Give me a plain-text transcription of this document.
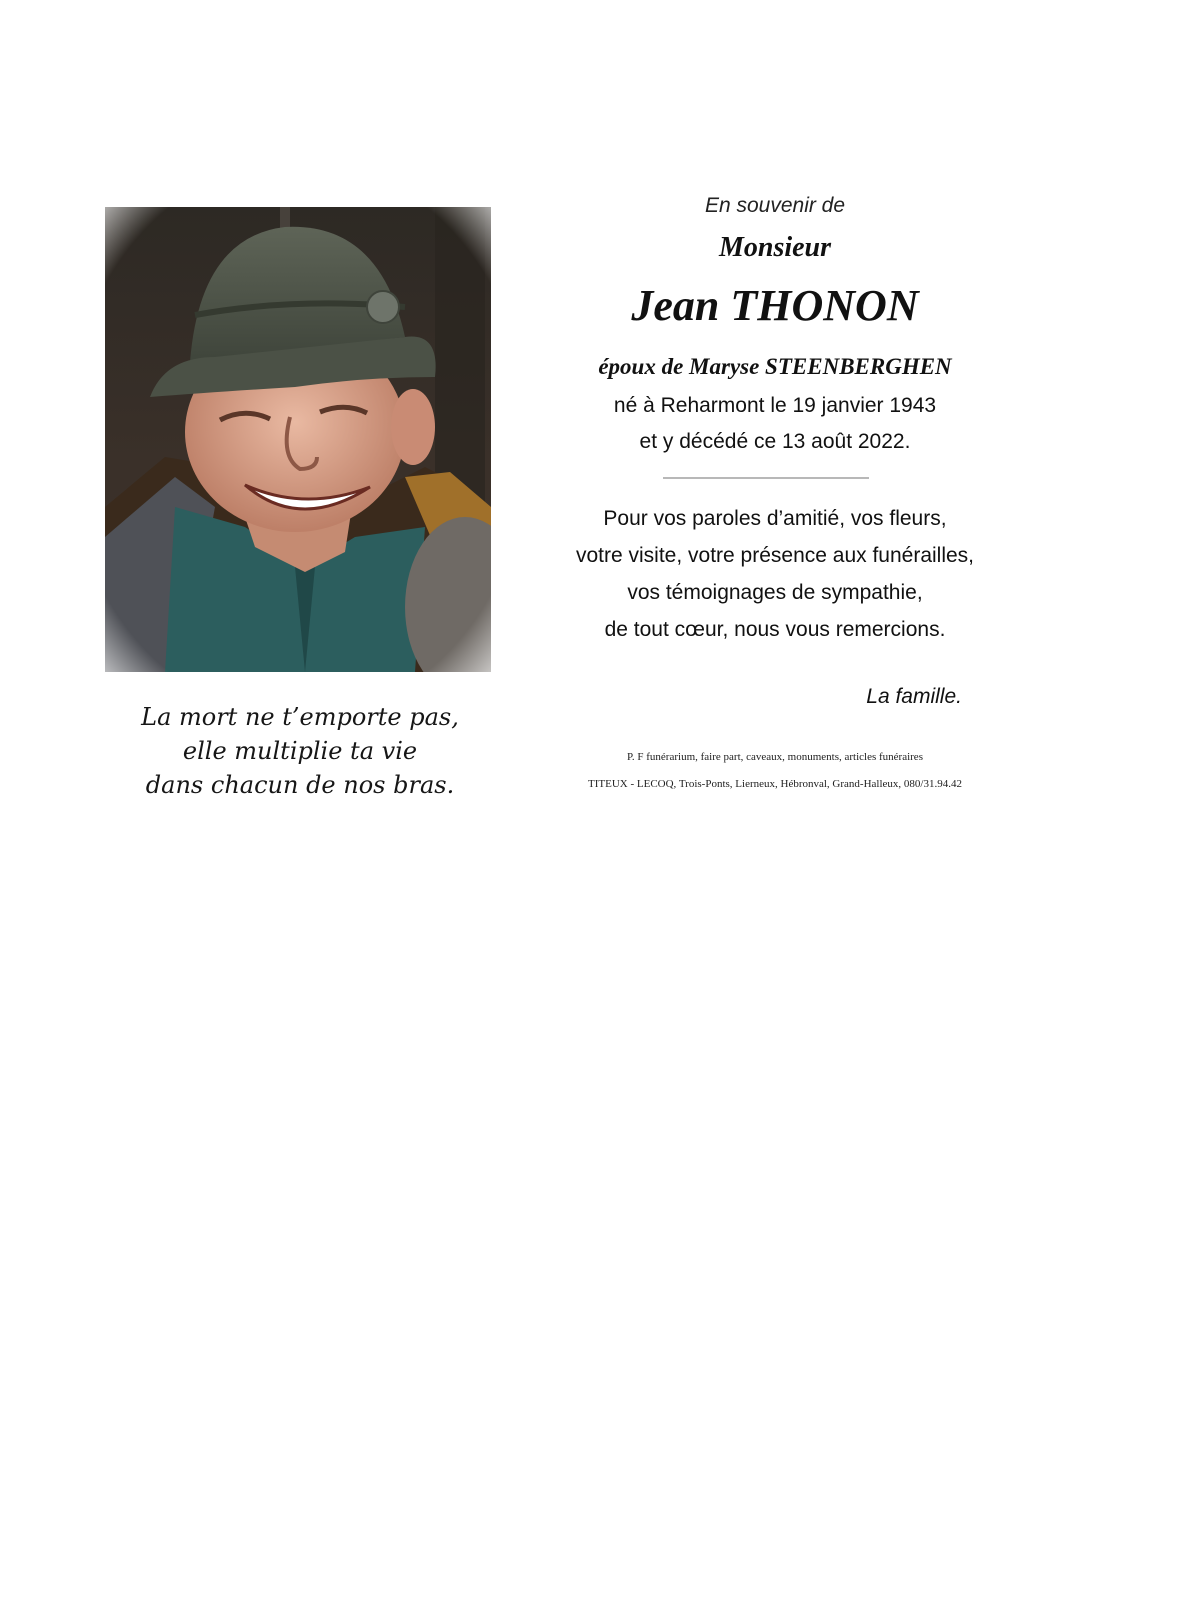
La mort ne t’emporte pas,
elle multiplie ta vie
dans chacun de nos bras.
En souvenir de
Monsieur
Jean THONON
époux de Maryse STEENBERGHEN
né à Reharmont le 19 janvier 1943
et y décédé ce 13 août 2022.
Pour vos paroles d’amitié, vos fleurs,
votre visite, votre présence aux funérailles,
vos témoignages de sympathie,
de tout cœur, nous vous remercions.
La famille.
P. F funérarium, faire part, caveaux, monuments, articles funéraires
TITEUX - LECOQ, Trois-Ponts, Lierneux, Hébronval, Grand-Halleux, 080/31.94.42
